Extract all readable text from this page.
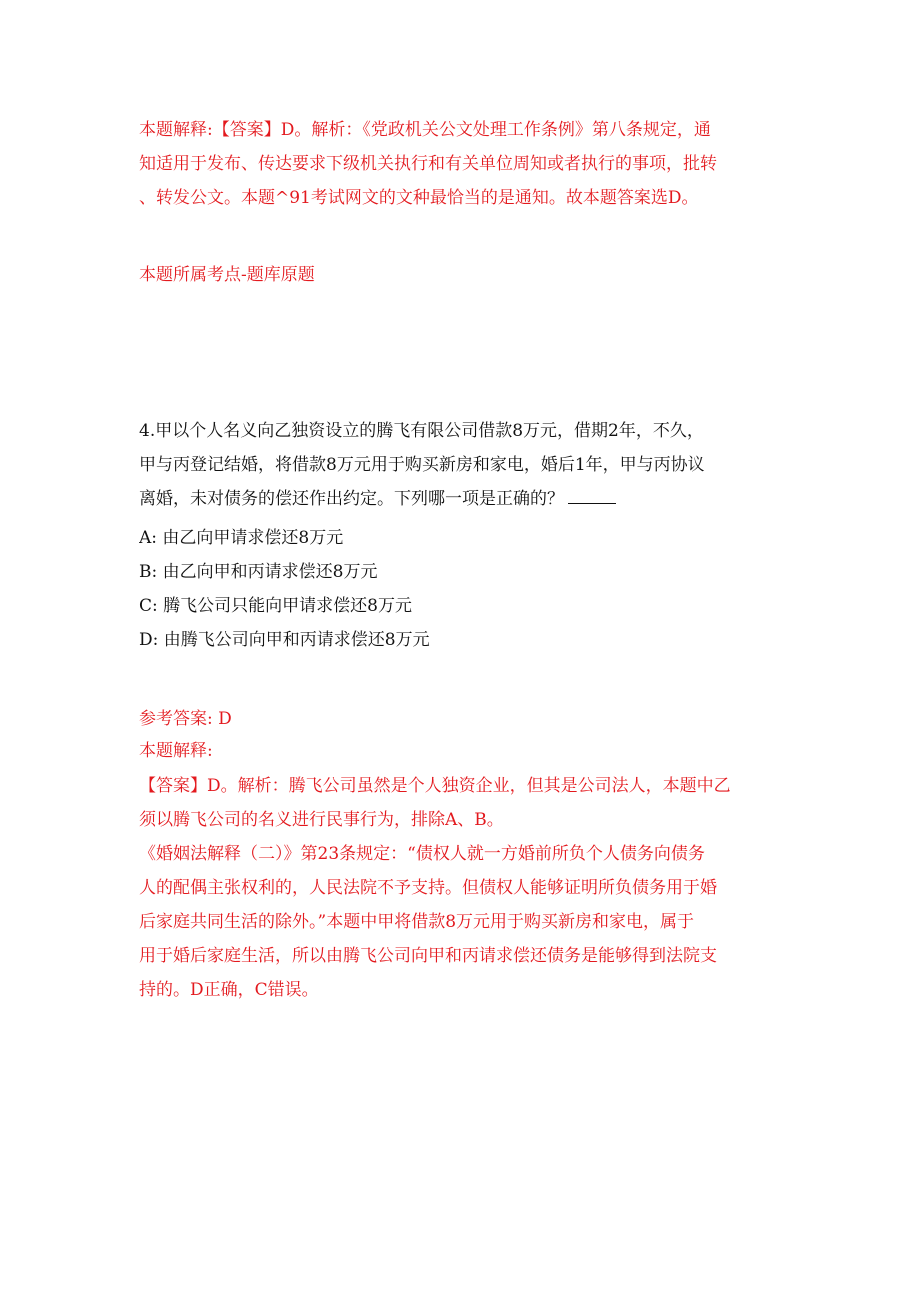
本题解释:【答案】D。解析：《党政机关公文处理工作条例》第八条规定，通
知适用于发布、传达要求下级机关执行和有关单位周知或者执行的事项，批转
、转发公文。本题^91考试网文的文种最恰当的是通知。故本题答案选D。
本题所属考点-题库原题
4.甲以个人名义向乙独资设立的腾飞有限公司借款8万元，借期2年，不久，
甲与丙登记结婚，将借款8万元用于购买新房和家电，婚后1年，甲与丙协议
离婚，未对债务的偿还作出约定。下列哪一项是正确的？
A: 由乙向甲请求偿还8万元
B: 由乙向甲和丙请求偿还8万元
C: 腾飞公司只能向甲请求偿还8万元
D: 由腾飞公司向甲和丙请求偿还8万元
参考答案: D
本题解释:
【答案】D。解析：腾飞公司虽然是个人独资企业，但其是公司法人，本题中乙
须以腾飞公司的名义进行民事行为，排除A、B。
《婚姻法解释（二）》第23条规定：“债权人就一方婚前所负个人债务向债务
人的配偶主张权利的，人民法院不予支持。但债权人能够证明所负债务用于婚
后家庭共同生活的除外。”本题中甲将借款8万元用于购买新房和家电，属于
用于婚后家庭生活，所以由腾飞公司向甲和丙请求偿还债务是能够得到法院支
持的。D正确，C错误。
